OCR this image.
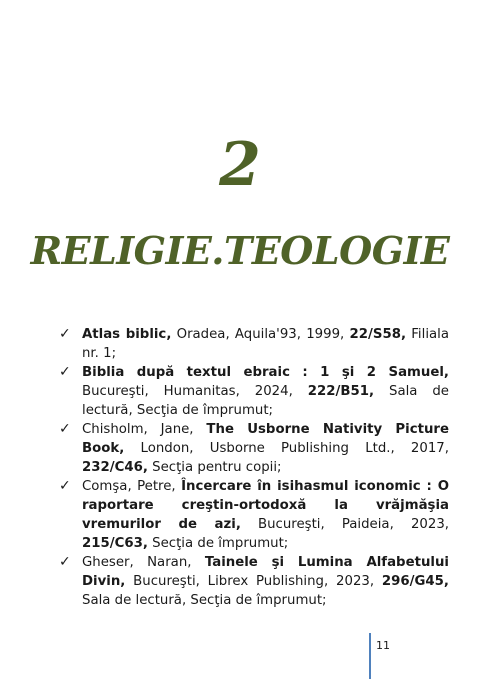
2
RELIGIE.TEOLOGIE
✓ Atlas biblic, Oradea, Aquila'93, 1999, 22/S58, Filiala nr. 1;
✓ Biblia după textul ebraic : 1 şi 2 Samuel, Bucureşti, Humanitas, 2024, 222/B51, Sala de lectură, Secţia de împrumut;
✓ Chisholm, Jane, The Usborne Nativity Picture Book, London, Usborne Publishing Ltd., 2017, 232/C46, Secţia pentru copii;
✓ Comşa, Petre, Încercare în isihasmul iconomic : O raportare creştin-ortodoxă la vrăjmăşia vremurilor de azi, Bucureşti, Paideia, 2023, 215/C63, Secţia de împrumut;
✓ Gheser, Naran, Tainele şi Lumina Alfabetului Divin, Bucureşti, Librex Publishing, 2023, 296/G45, Sala de lectură, Secţia de împrumut;
11
